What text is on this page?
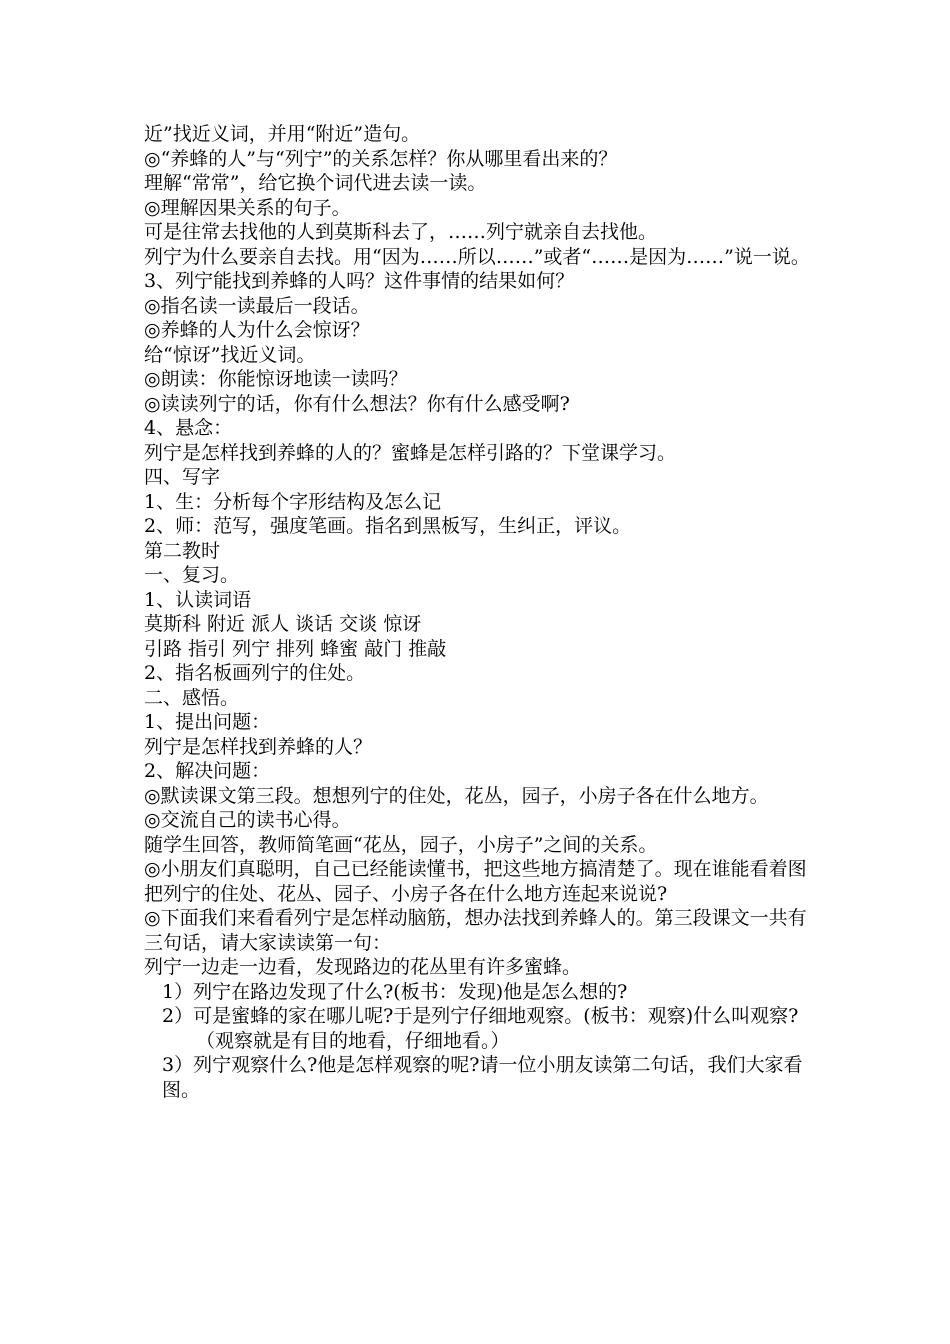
近”找近义词，并用“附近”造句。
◎“养蜂的人”与“列宁”的关系怎样？你从哪里看出来的？
理解“常常”，给它换个词代进去读一读。
◎理解因果关系的句子。
可是往常去找他的人到莫斯科去了，……列宁就亲自去找他。
列宁为什么要亲自去找。用“因为……所以……”或者“……是因为……”说一说。
3、列宁能找到养蜂的人吗？这件事情的结果如何？
◎指名读一读最后一段话。
◎养蜂的人为什么会惊讶？
给“惊讶”找近义词。
◎朗读：你能惊讶地读一读吗？
◎读读列宁的话，你有什么想法？你有什么感受啊?
4、悬念：
列宁是怎样找到养蜂的人的？蜜蜂是怎样引路的？下堂课学习。
四、写字
1、生：分析每个字形结构及怎么记
2、师：范写，强度笔画。指名到黑板写，生纠正，评议。
第二教时
一、复习。
1、认读词语
莫斯科 附近 派人 谈话 交谈 惊讶
引路 指引 列宁 排列 蜂蜜 敲门 推敲
2、指名板画列宁的住处。
二、感悟。
1、提出问题：
列宁是怎样找到养蜂的人？
2、解决问题：
◎默读课文第三段。想想列宁的住处，花丛，园子，小房子各在什么地方。
◎交流自己的读书心得。
随学生回答，教师简笔画“花丛，园子，小房子”之间的关系。
◎小朋友们真聪明，自己已经能读懂书，把这些地方搞清楚了。现在谁能看着图把列宁的住处、花丛、园子、小房子各在什么地方连起来说说?
◎下面我们来看看列宁是怎样动脑筋，想办法找到养蜂人的。第三段课文一共有三句话，请大家读读第一句：
列宁一边走一边看，发现路边的花丛里有许多蜜蜂。
1）列宁在路边发现了什么?(板书：发现)他是怎么想的?
2）可是蜜蜂的家在哪儿呢?于是列宁仔细地观察。(板书：观察)什么叫观察?
（观察就是有目的地看，仔细地看。）
3）列宁观察什么?他是怎样观察的呢?请一位小朋友读第二句话，我们大家看图。
